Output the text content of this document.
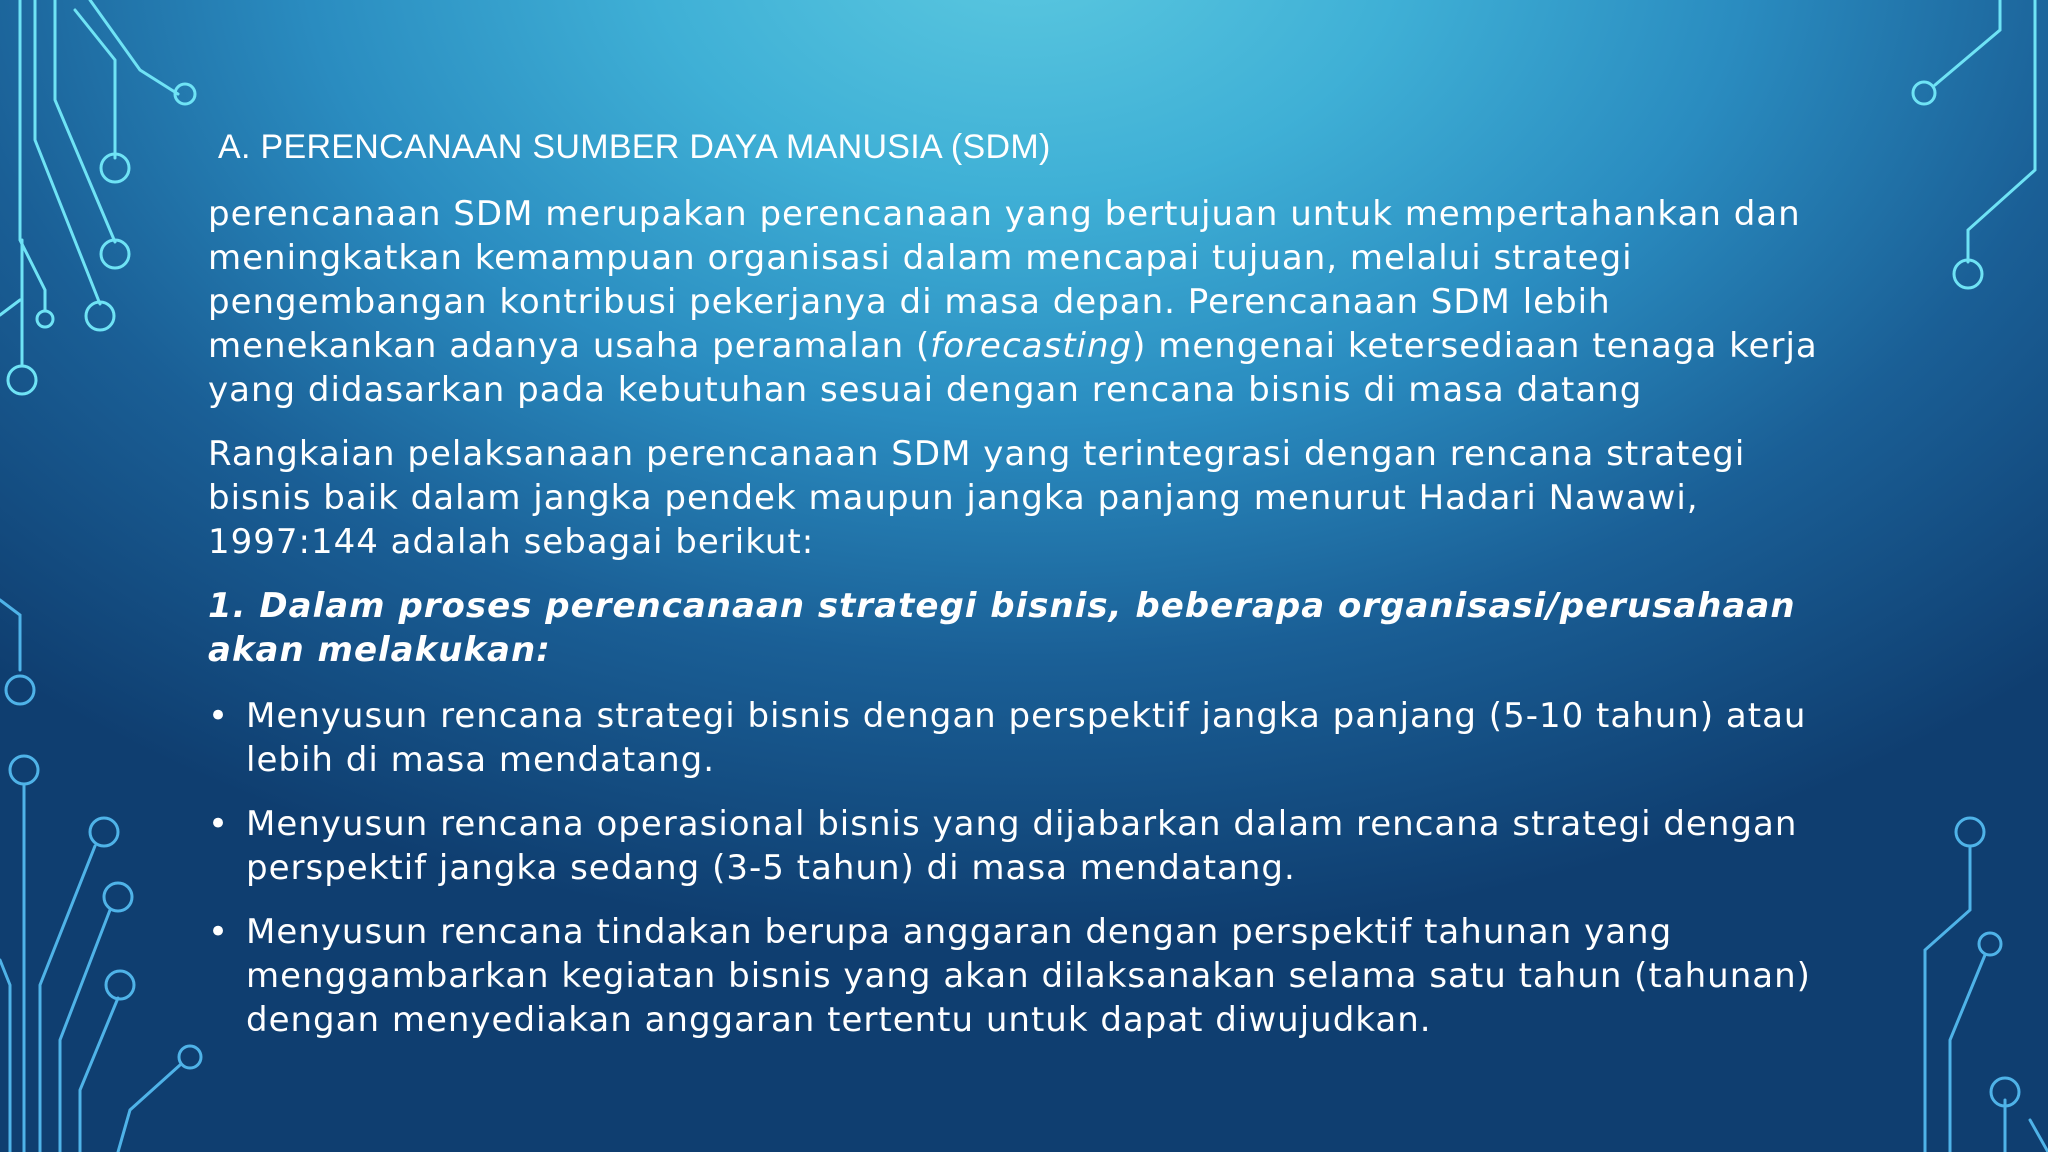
A. PERENCANAAN SUMBER DAYA MANUSIA (SDM)

perencanaan SDM merupakan perencanaan yang bertujuan untuk mempertahankan dan meningkatkan kemampuan organisasi dalam mencapai tujuan, melalui strategi pengembangan kontribusi pekerjanya di masa depan. Perencanaan SDM lebih menekankan adanya usaha peramalan (forecasting) mengenai ketersediaan tenaga kerja yang didasarkan pada kebutuhan sesuai dengan rencana bisnis di masa datang

Rangkaian pelaksanaan perencanaan SDM yang terintegrasi dengan rencana strategi bisnis baik dalam jangka pendek maupun jangka panjang menurut Hadari Nawawi, 1997:144 adalah sebagai berikut:

1. Dalam proses perencanaan strategi bisnis, beberapa organisasi/perusahaan akan melakukan:

• Menyusun rencana strategi bisnis dengan perspektif jangka panjang (5-10 tahun) atau lebih di masa mendatang.
• Menyusun rencana operasional bisnis yang dijabarkan dalam rencana strategi dengan perspektif jangka sedang (3-5 tahun) di masa mendatang.
• Menyusun rencana tindakan berupa anggaran dengan perspektif tahunan yang menggambarkan kegiatan bisnis yang akan dilaksanakan selama satu tahun (tahunan) dengan menyediakan anggaran tertentu untuk dapat diwujudkan.
